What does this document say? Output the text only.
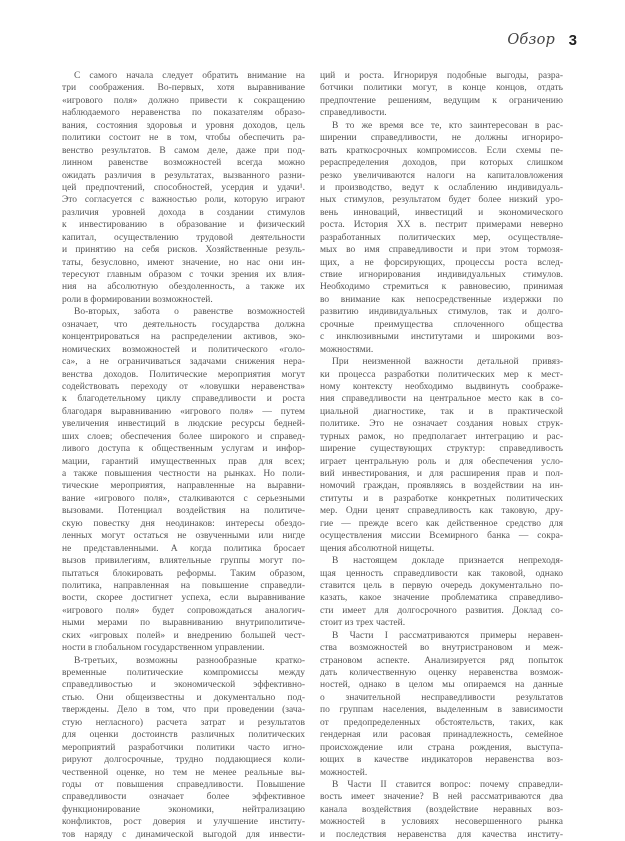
Обзор 3
С самого начала следует обратить внимание на
три соображения. Во-первых, хотя выравнивание
«игрового поля» должно привести к сокращению
наблюдаемого неравенства по показателям образо-
вания, состояния здоровья и уровня доходов, цель
политики состоит не в том, чтобы обеспечить ра-
венство результатов. В самом деле, даже при под-
линном равенстве возможностей всегда можно
ожидать различия в результатах, вызванного разни-
цей предпочтений, способностей, усердия и удачи¹.
Это согласуется с важностью роли, которую играют
различия уровней дохода в создании стимулов
к инвестированию в образование и физический
капитал, осуществлению трудовой деятельности
и принятию на себя рисков. Хозяйственные резуль-
таты, безусловно, имеют значение, но нас они ин-
тересуют главным образом с точки зрения их влия-
ния на абсолютную обездоленность, а также их
роли в формировании возможностей.
Во-вторых, забота о равенстве возможностей
означает, что деятельность государства должна
концентрироваться на распределении активов, эко-
номических возможностей и политического «голо-
са», а не ограничиваться задачами снижения нера-
венства доходов. Политические мероприятия могут
содействовать переходу от «ловушки неравенства»
к благодетельному циклу справедливости и роста
благодаря выравниванию «игрового поля» — путем
увеличения инвестиций в людские ресурсы бедней-
ших слоев; обеспечения более широкого и справед-
ливого доступа к общественным услугам и инфор-
мации, гарантий имущественных прав для всех;
а также повышения честности на рынках. Но поли-
тические мероприятия, направленные на выравни-
вание «игрового поля», сталкиваются с серьезными
вызовами. Потенциал воздействия на политиче-
скую повестку дня неодинаков: интересы обездо-
ленных могут остаться не озвученными или нигде
не представленными. А когда политика бросает
вызов привилегиям, влиятельные группы могут по-
пытаться блокировать реформы. Таким образом,
политика, направленная на повышение справедли-
вости, скорее достигнет успеха, если выравнивание
«игрового поля» будет сопровождаться аналогич-
ными мерами по выравниванию внутриполитиче-
ских «игровых полей» и внедрению большей чест-
ности в глобальном государственном управлении.
В-третьих, возможны разнообразные кратко-
временные политические компромиссы между
справедливостью и экономической эффективно-
стью. Они общеизвестны и документально под-
тверждены. Дело в том, что при проведении (зача-
стую негласного) расчета затрат и результатов
для оценки достоинств различных политических
мероприятий разработчики политики часто игно-
рируют долгосрочные, трудно поддающиеся коли-
чественной оценке, но тем не менее реальные вы-
годы от повышения справедливости. Повышение
справедливости означает более эффективное
функционирование экономики, нейтрализацию
конфликтов, рост доверия и улучшение институ-
тов наряду с динамической выгодой для инвести-
ций и роста. Игнорируя подобные выгоды, разра-
ботчики политики могут, в конце концов, отдать
предпочтение решениям, ведущим к ограничению
справедливости.
В то же время все те, кто заинтересован в рас-
ширении справедливости, не должны игнориро-
вать краткосрочных компромиссов. Если схемы пе-
рераспределения доходов, при которых слишком
резко увеличиваются налоги на капиталовложения
и производство, ведут к ослаблению индивидуаль-
ных стимулов, результатом будет более низкий уро-
вень инноваций, инвестиций и экономического
роста. История XX в. пестрит примерами неверно
разработанных политических мер, осуществляе-
мых во имя справедливости и при этом тормозя-
щих, а не форсирующих, процессы роста вслед-
ствие игнорирования индивидуальных стимулов.
Необходимо стремиться к равновесию, принимая
во внимание как непосредственные издержки по
развитию индивидуальных стимулов, так и долго-
срочные преимущества сплоченного общества
с инклюзивными институтами и широкими воз-
можностями.
При неизменной важности детальной привяз-
ки процесса разработки политических мер к мест-
ному контексту необходимо выдвинуть соображе-
ния справедливости на центральное место как в со-
циальной диагностике, так и в практической
политике. Это не означает создания новых струк-
турных рамок, но предполагает интеграцию и рас-
ширение существующих структур: справедливость
играет центральную роль и для обеспечения усло-
вий инвестирования, и для расширения прав и пол-
номочий граждан, проявляясь в воздействии на ин-
ституты и в разработке конкретных политических
мер. Одни ценят справедливость как таковую, дру-
гие — прежде всего как действенное средство для
осуществления миссии Всемирного банка — сокра-
щения абсолютной нищеты.
В настоящем докладе признается непреходя-
щая ценность справедливости как таковой, однако
ставится цель в первую очередь документально по-
казать, какое значение проблематика справедливо-
сти имеет для долгосрочного развития. Доклад со-
стоит из трех частей.
В Части I рассматриваются примеры неравен-
ства возможностей во внутристрановом и меж-
страновом аспекте. Анализируется ряд попыток
дать количественную оценку неравенства возмож-
ностей, однако в целом мы опираемся на данные
о значительной несправедливости результатов
по группам населения, выделенным в зависимости
от предопределенных обстоятельств, таких, как
гендерная или расовая принадлежность, семейное
происхождение или страна рождения, выступа-
ющих в качестве индикаторов неравенства воз-
можностей.
В Части II ставится вопрос: почему справедли-
вость имеет значение? В ней рассматриваются два
канала воздействия (воздействие неравных воз-
можностей в условиях несовершенного рынка
и последствия неравенства для качества институ-
